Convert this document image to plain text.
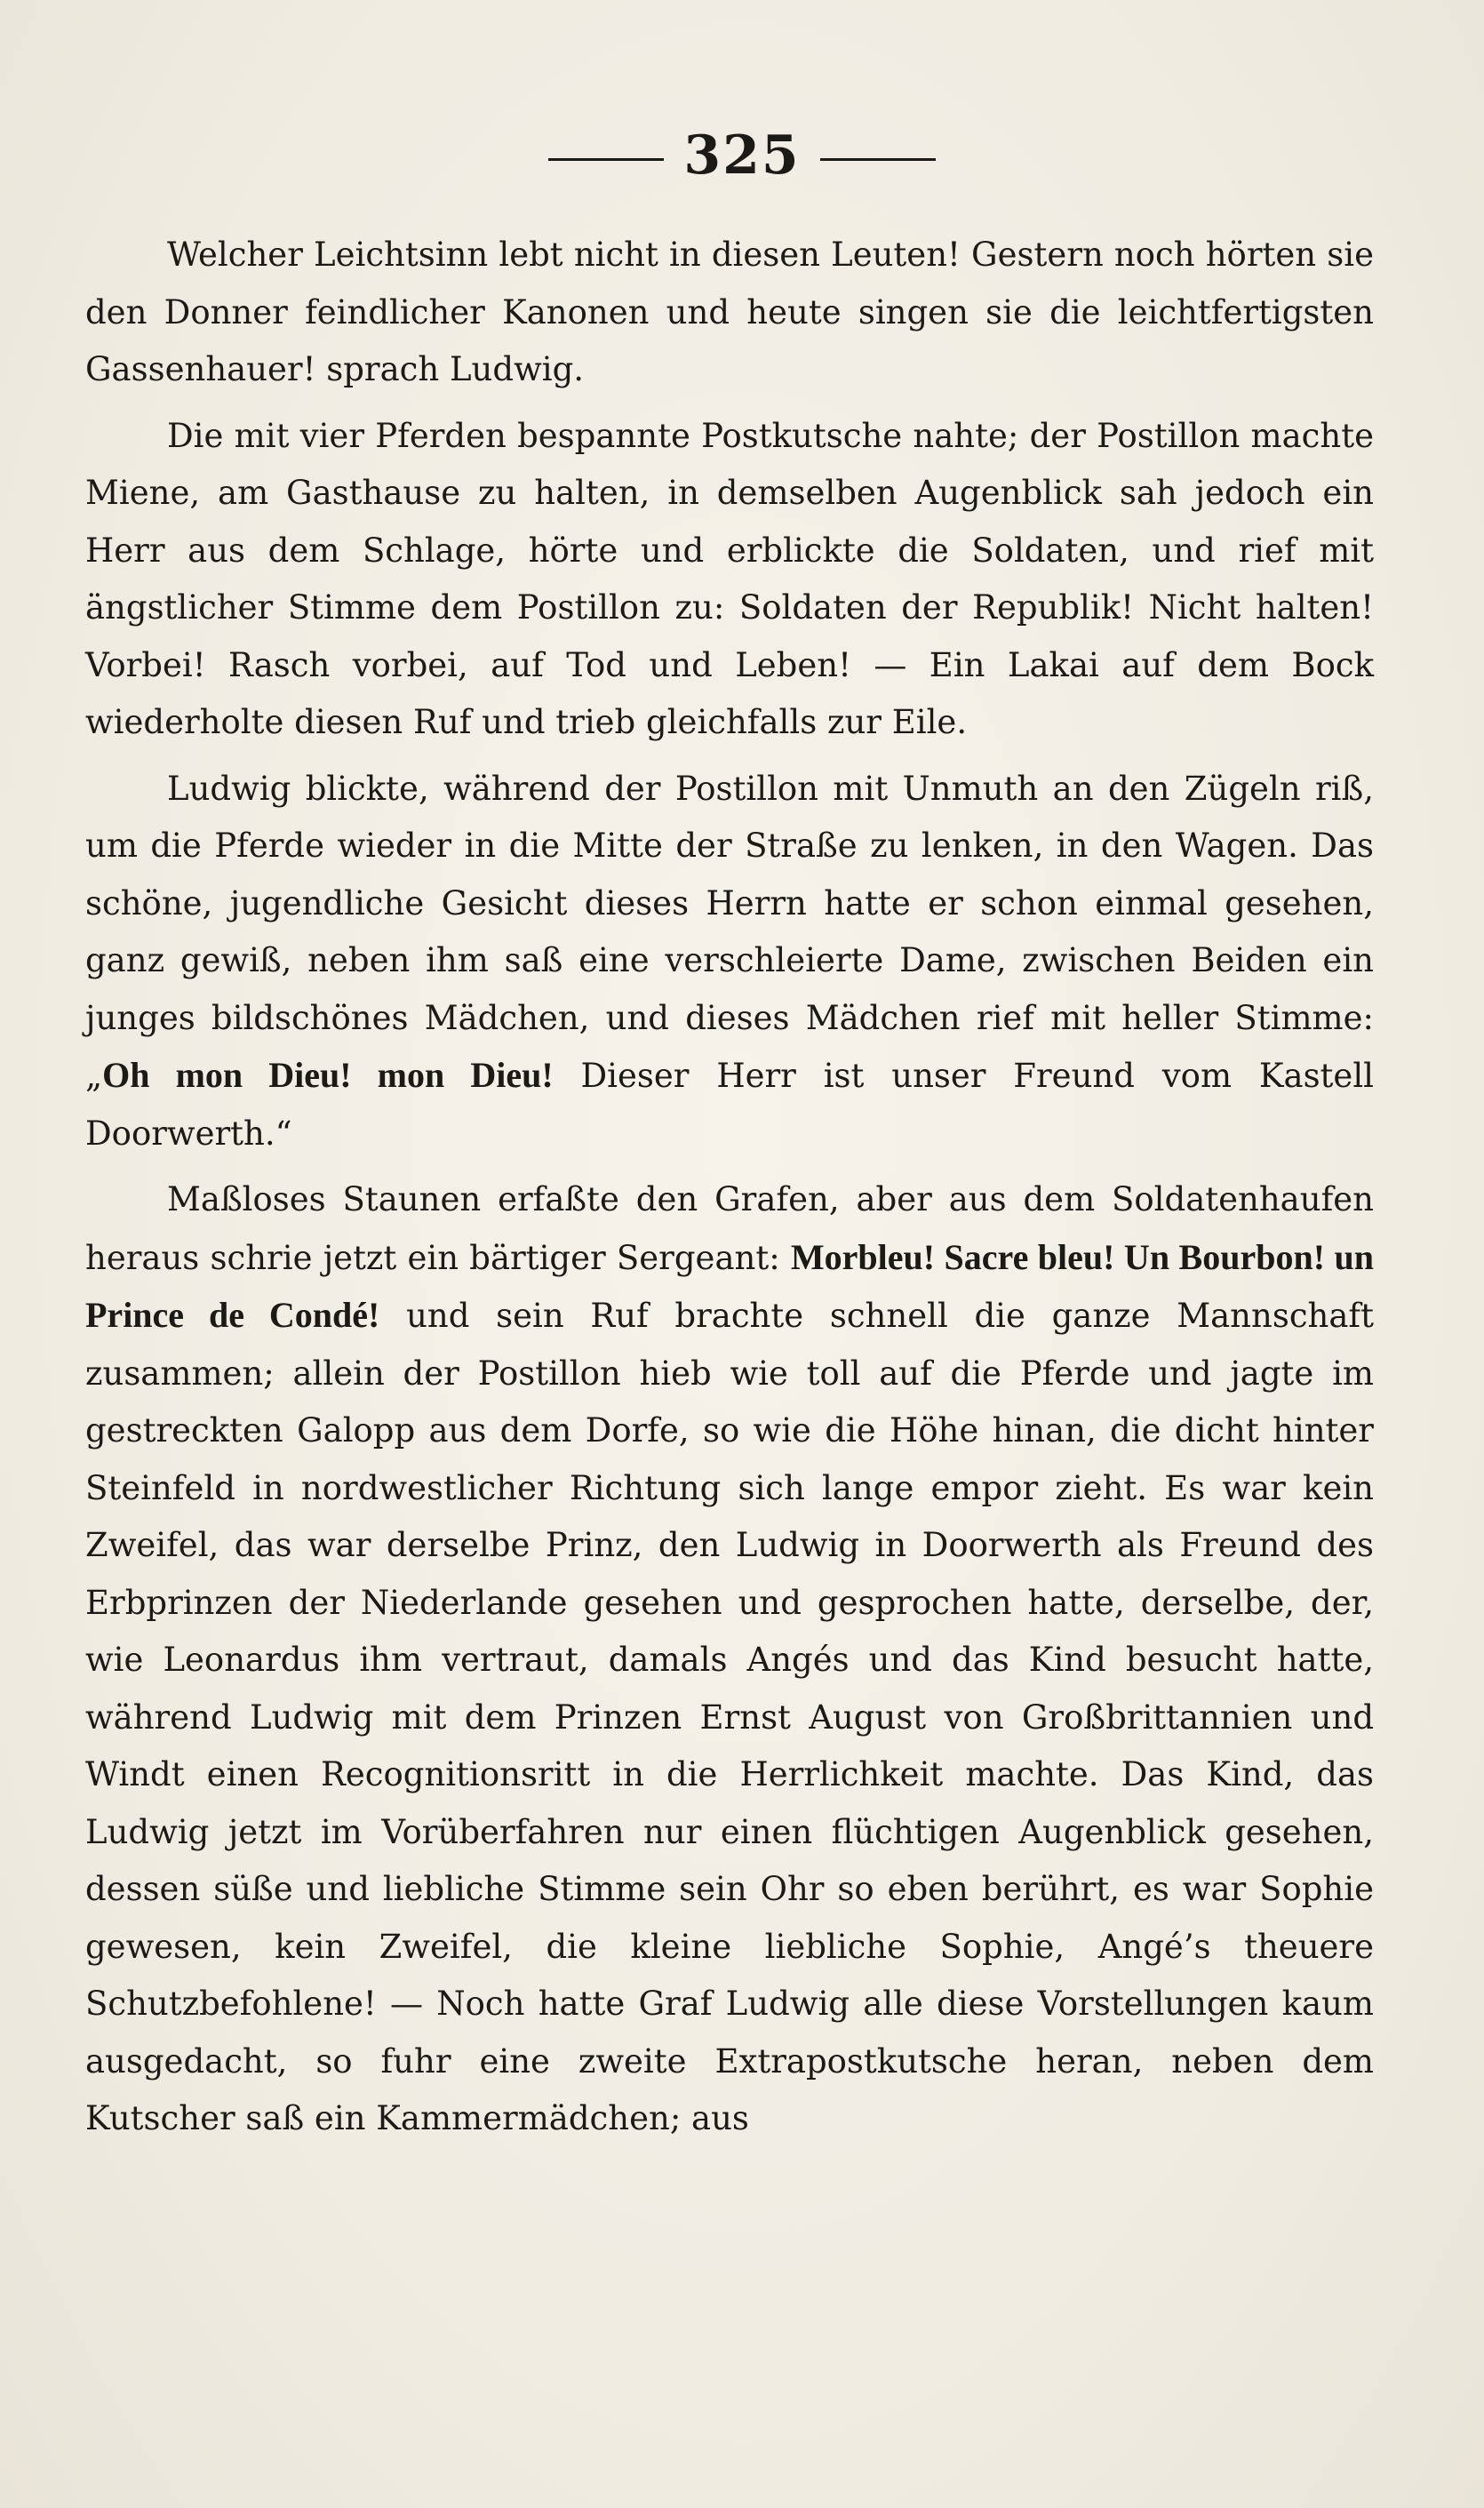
325

Welcher Leichtsinn lebt nicht in diesen Leuten! Gestern noch hörten sie den Donner feindlicher Kanonen und heute singen sie die leichtfertigsten Gassenhauer! sprach Ludwig.

Die mit vier Pferden bespannte Postkutsche nahte; der Postillon machte Miene, am Gasthause zu halten, in demselben Augenblick sah jedoch ein Herr aus dem Schlage, hörte und erblickte die Soldaten, und rief mit ängstlicher Stimme dem Postillon zu: Soldaten der Republik! Nicht halten! Vorbei! Rasch vorbei, auf Tod und Leben! — Ein Lakai auf dem Bock wiederholte diesen Ruf und trieb gleichfalls zur Eile.

Ludwig blickte, während der Postillon mit Unmuth an den Zügeln riß, um die Pferde wieder in die Mitte der Straße zu lenken, in den Wagen. Das schöne, jugendliche Gesicht dieses Herrn hatte er schon einmal gesehen, ganz gewiß, neben ihm saß eine verschleierte Dame, zwischen Beiden ein junges bildschönes Mädchen, und dieses Mädchen rief mit heller Stimme: „Oh mon Dieu! mon Dieu! Dieser Herr ist unser Freund vom Kastell Doorwerth.“

Maßloses Staunen erfaßte den Grafen, aber aus dem Soldatenhaufen heraus schrie jetzt ein bärtiger Sergeant: Morbleu! Sacre bleu! Un Bourbon! un Prince de Condé! und sein Ruf brachte schnell die ganze Mannschaft zusammen; allein der Postillon hieb wie toll auf die Pferde und jagte im gestreckten Galopp aus dem Dorfe, so wie die Höhe hinan, die dicht hinter Steinfeld in nordwestlicher Richtung sich lange empor zieht. Es war kein Zweifel, das war derselbe Prinz, den Ludwig in Doorwerth als Freund des Erbprinzen der Niederlande gesehen und gesprochen hatte, derselbe, der, wie Leonardus ihm vertraut, damals Angés und das Kind besucht hatte, während Ludwig mit dem Prinzen Ernst August von Großbrittannien und Windt einen Recognitionsritt in die Herrlichkeit machte. Das Kind, das Ludwig jetzt im Vorüberfahren nur einen flüchtigen Augenblick gesehen, dessen süße und liebliche Stimme sein Ohr so eben berührt, es war Sophie gewesen, kein Zweifel, die kleine liebliche Sophie, Angé’s theuere Schutzbefohlene! — Noch hatte Graf Ludwig alle diese Vorstellungen kaum ausgedacht, so fuhr eine zweite Extrapostkutsche heran, neben dem Kutscher saß ein Kammermädchen; aus
